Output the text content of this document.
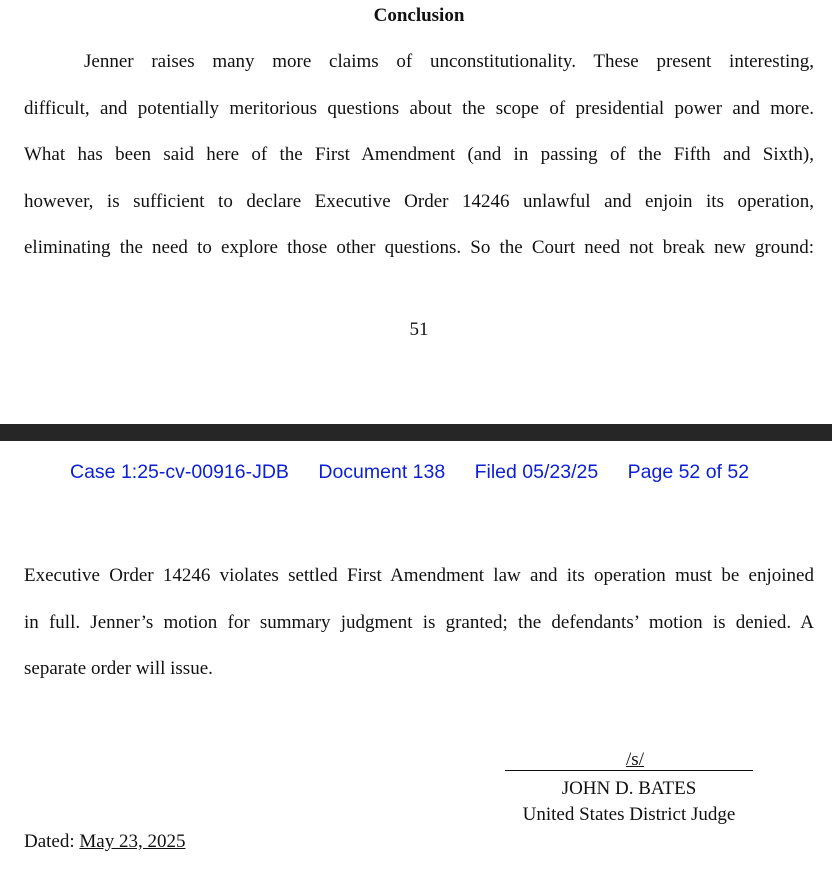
Conclusion
Jenner raises many more claims of unconstitutionality. These present interesting,
difficult, and potentially meritorious questions about the scope of presidential power and more.
What has been said here of the First Amendment (and in passing of the Fifth and Sixth),
however, is sufficient to declare Executive Order 14246 unlawful and enjoin its operation,
eliminating the need to explore those other questions. So the Court need not break new ground:
51
Case 1:25-cv-00916-JDB Document 138 Filed 05/23/25 Page 52 of 52
Executive Order 14246 violates settled First Amendment law and its operation must be enjoined
in full. Jenner’s motion for summary judgment is granted; the defendants’ motion is denied. A
separate order will issue.
/s/
JOHN D. BATES
United States District Judge
Dated: May 23, 2025
